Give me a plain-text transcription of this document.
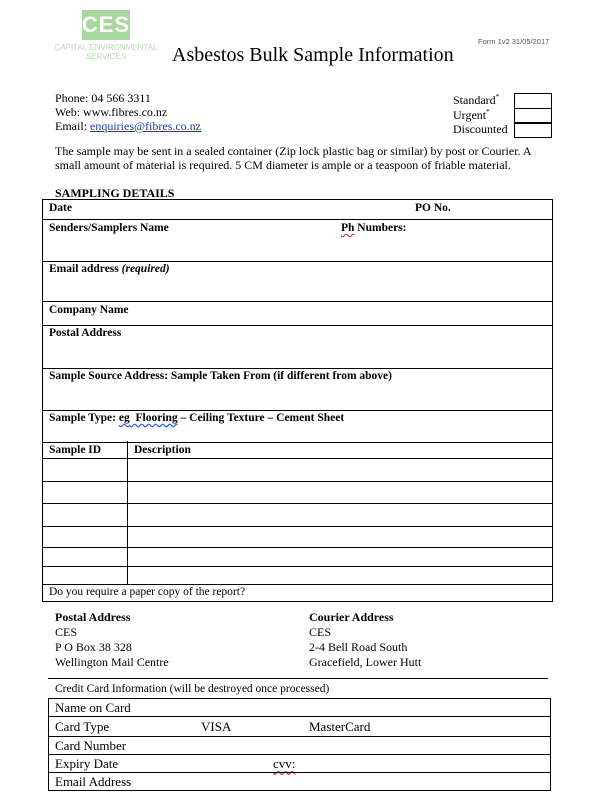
CES
CAPITAL ENVIRONMENTAL
SERVICES
Form 1v2 31/05/2017
Asbestos Bulk Sample Information
Phone: 04 566 3311
Web: www.fibres.co.nz
Email: enquiries@fibres.co.nz
Standard*
Urgent*
Discounted
The sample may be sent in a sealed container (Zip lock plastic bag or similar) by post or Courier. A small amount of material is required. 5 CM diameter is ample or a teaspoon of friable material.
SAMPLING DETAILS
Date	PO No.
Senders/Samplers Name	Ph Numbers:
Email address (required)
Company Name
Postal Address
Sample Source Address: Sample Taken From (if different from above)
Sample Type: eg  Flooring – Ceiling Texture – Cement Sheet
Sample ID	Description
Do you require a paper copy of the report?
Postal Address
CES
P O Box 38 328
Wellington Mail Centre
Courier Address
CES
2-4 Bell Road South
Gracefield, Lower Hutt
Credit Card Information (will be destroyed once processed)
Name on Card
Card Type	VISA	MasterCard
Card Number
Expiry Date	cvv:
Email Address
